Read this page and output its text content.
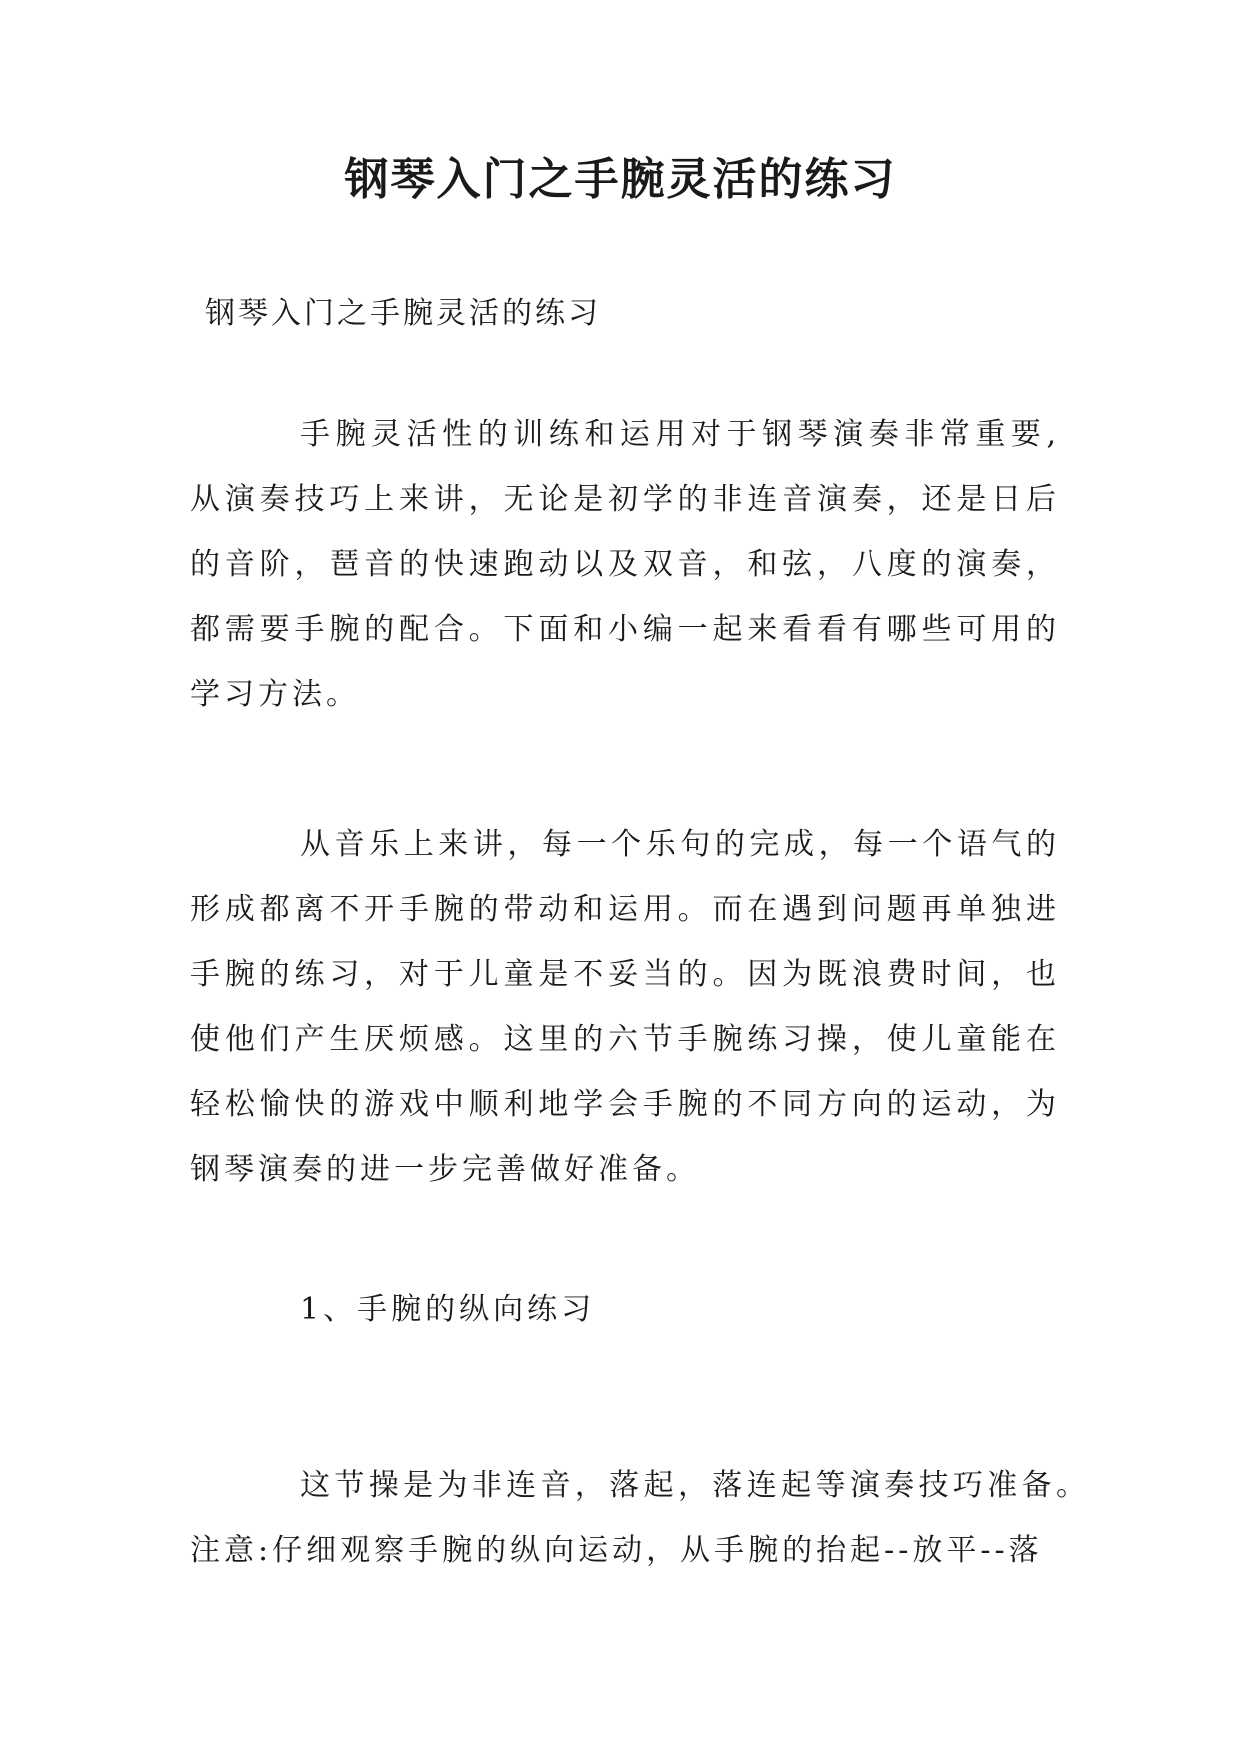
钢琴入门之手腕灵活的练习

钢琴入门之手腕灵活的练习

手腕灵活性的训练和运用对于钢琴演奏非常重要,从演奏技巧上来讲，无论是初学的非连音演奏，还是日后的音阶，琶音的快速跑动以及双音，和弦，八度的演奏，都需要手腕的配合。下面和小编一起来看看有哪些可用的学习方法。

从音乐上来讲，每一个乐句的完成，每一个语气的形成都离不开手腕的带动和运用。而在遇到问题再单独进手腕的练习，对于儿童是不妥当的。因为既浪费时间，也使他们产生厌烦感。这里的六节手腕练习操，使儿童能在轻松愉快的游戏中顺利地学会手腕的不同方向的运动，为钢琴演奏的进一步完善做好准备。

1、手腕的纵向练习

这节操是为非连音，落起，落连起等演奏技巧准备。注意:仔细观察手腕的纵向运动，从手腕的抬起--放平--落
